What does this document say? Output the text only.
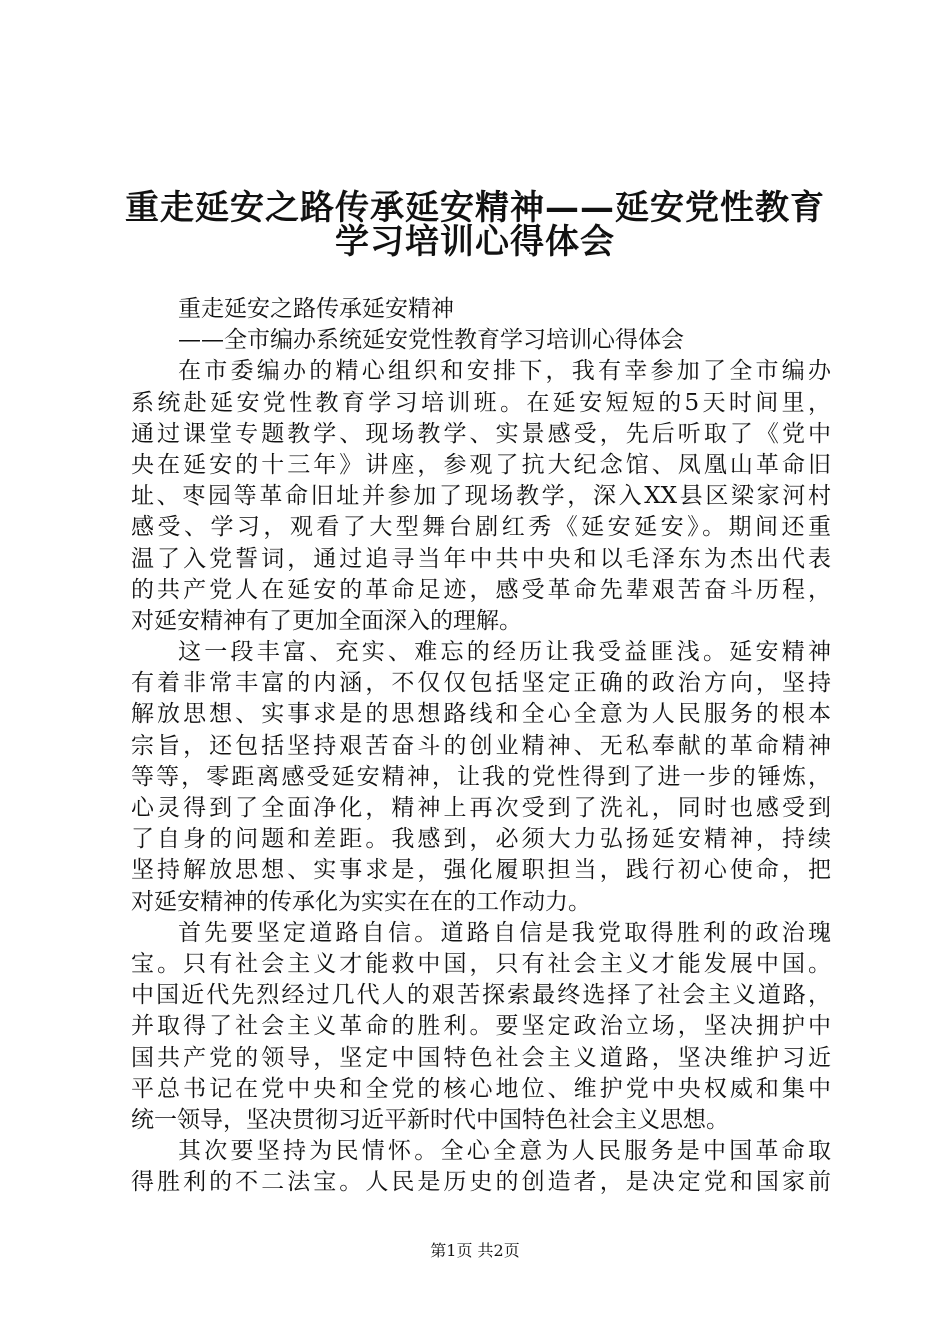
重走延安之路传承延安精神——延安党性教育
学习培训心得体会
重走延安之路传承延安精神
——全市编办系统延安党性教育学习培训心得体会
在市委编办的精心组织和安排下，我有幸参加了全市编办
系统赴延安党性教育学习培训班。在延安短短的5天时间里，
通过课堂专题教学、现场教学、实景感受，先后听取了《党中
央在延安的十三年》讲座，参观了抗大纪念馆、凤凰山革命旧
址、枣园等革命旧址并参加了现场教学，深入XX县区梁家河村
感受、学习，观看了大型舞台剧红秀《延安延安》。期间还重
温了入党誓词，通过追寻当年中共中央和以毛泽东为杰出代表
的共产党人在延安的革命足迹，感受革命先辈艰苦奋斗历程，
对延安精神有了更加全面深入的理解。
这一段丰富、充实、难忘的经历让我受益匪浅。延安精神
有着非常丰富的内涵，不仅仅包括坚定正确的政治方向，坚持
解放思想、实事求是的思想路线和全心全意为人民服务的根本
宗旨，还包括坚持艰苦奋斗的创业精神、无私奉献的革命精神
等等，零距离感受延安精神，让我的党性得到了进一步的锤炼，
心灵得到了全面净化，精神上再次受到了洗礼，同时也感受到
了自身的问题和差距。我感到，必须大力弘扬延安精神，持续
坚持解放思想、实事求是，强化履职担当，践行初心使命，把
对延安精神的传承化为实实在在的工作动力。
首先要坚定道路自信。道路自信是我党取得胜利的政治瑰
宝。只有社会主义才能救中国，只有社会主义才能发展中国。
中国近代先烈经过几代人的艰苦探索最终选择了社会主义道路，
并取得了社会主义革命的胜利。要坚定政治立场，坚决拥护中
国共产党的领导，坚定中国特色社会主义道路，坚决维护习近
平总书记在党中央和全党的核心地位、维护党中央权威和集中
统一领导，坚决贯彻习近平新时代中国特色社会主义思想。
其次要坚持为民情怀。全心全意为人民服务是中国革命取
得胜利的不二法宝。人民是历史的创造者，是决定党和国家前
第1页 共2页
